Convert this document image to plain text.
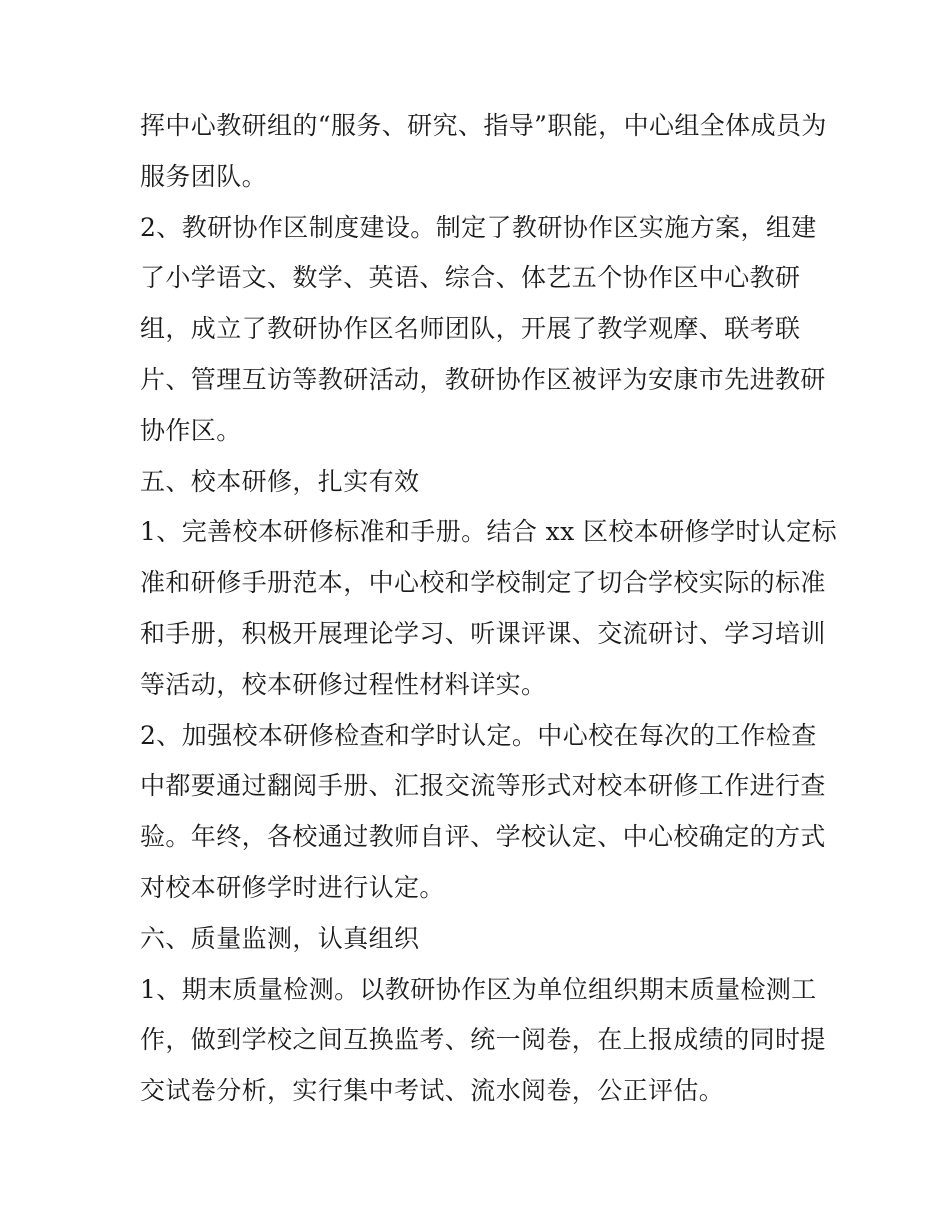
挥中心教研组的“服务、研究、指导”职能，中心组全体成员为
服务团队。
2、教研协作区制度建设。制定了教研协作区实施方案，组建
了小学语文、数学、英语、综合、体艺五个协作区中心教研
组，成立了教研协作区名师团队，开展了教学观摩、联考联
片、管理互访等教研活动，教研协作区被评为安康市先进教研
协作区。
五、校本研修，扎实有效
1、完善校本研修标准和手册。结合 xx 区校本研修学时认定标
准和研修手册范本，中心校和学校制定了切合学校实际的标准
和手册，积极开展理论学习、听课评课、交流研讨、学习培训
等活动，校本研修过程性材料详实。
2、加强校本研修检查和学时认定。中心校在每次的工作检查
中都要通过翻阅手册、汇报交流等形式对校本研修工作进行查
验。年终，各校通过教师自评、学校认定、中心校确定的方式
对校本研修学时进行认定。
六、质量监测，认真组织
1、期末质量检测。以教研协作区为单位组织期末质量检测工
作，做到学校之间互换监考、统一阅卷，在上报成绩的同时提
交试卷分析，实行集中考试、流水阅卷，公正评估。
